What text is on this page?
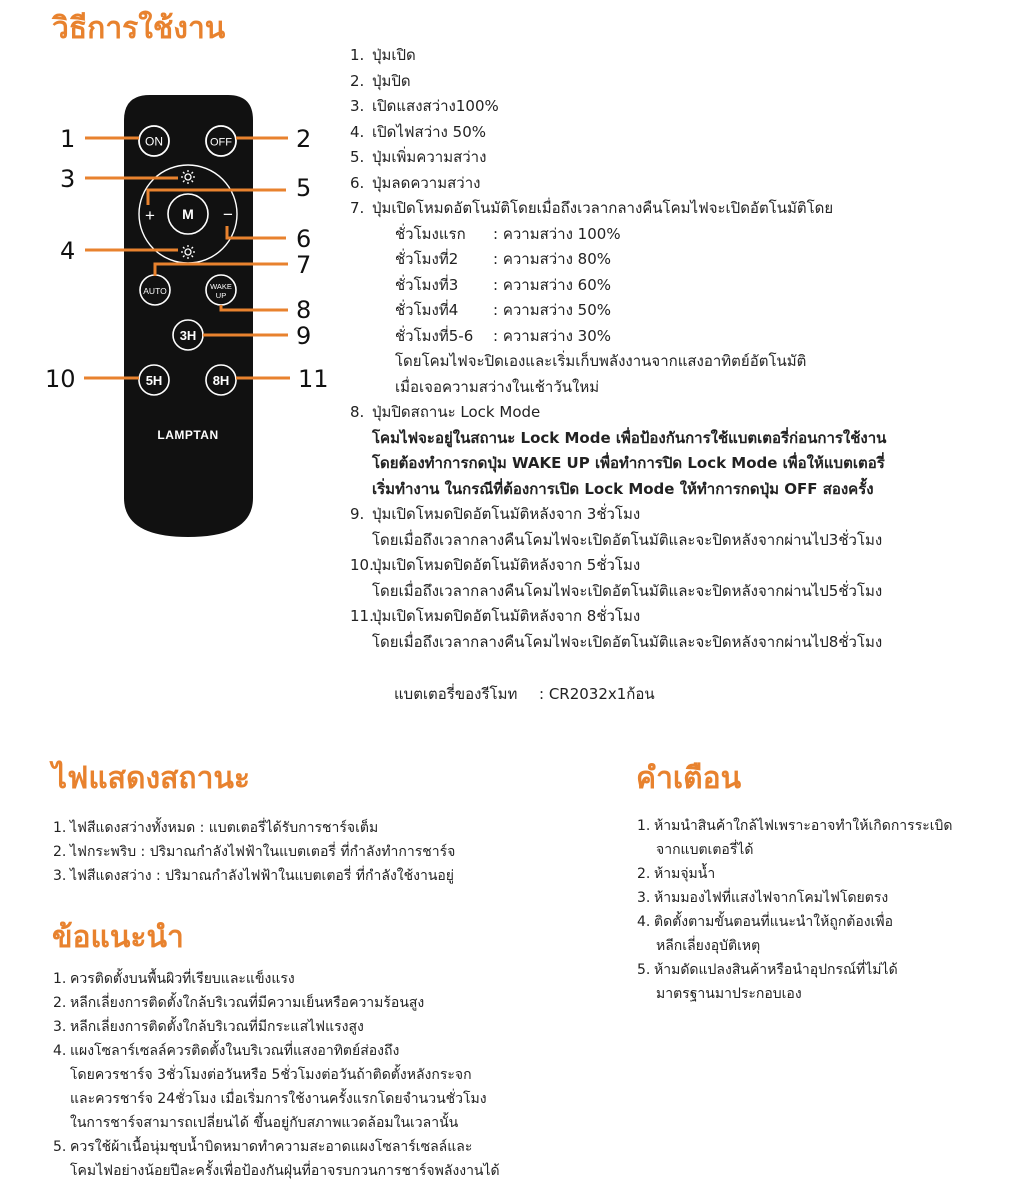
วิธีการใช้งาน
ON	OFF
M
+	−
AUTO	WAKE
UP
3H
5H	8H
LAMPTAN
1	2
3	5
6
4	7
8
9
10	11
1. ปุ่มเปิด
2. ปุ่มปิด
3. เปิดแสงสว่าง100%
4. เปิดไฟสว่าง 50%
5. ปุ่มเพิ่มความสว่าง
6. ปุ่มลดความสว่าง
7. ปุ่มเปิดโหมดอัตโนมัติโดยเมื่อถึงเวลากลางคืนโคมไฟจะเปิดอัตโนมัติโดย
ชั่วโมงแรก : ความสว่าง 100%
ชั่วโมงที่2 : ความสว่าง 80%
ชั่วโมงที่3 : ความสว่าง 60%
ชั่วโมงที่4 : ความสว่าง 50%
ชั่วโมงที่5-6 : ความสว่าง 30%
โดยโคมไฟจะปิดเองและเริ่มเก็บพลังงานจากแสงอาทิตย์อัตโนมัติ
เมื่อเจอความสว่างในเช้าวันใหม่
8. ปุ่มปิดสถานะ Lock Mode
โคมไฟจะอยู่ในสถานะ Lock Mode เพื่อป้องกันการใช้แบตเตอรี่ก่อนการใช้งาน
โดยต้องทำการกดปุ่ม WAKE UP เพื่อทำการปิด Lock Mode เพื่อให้แบตเตอรี่
เริ่มทำงาน ในกรณีที่ต้องการเปิด Lock Mode ให้ทำการกดปุ่ม OFF สองครั้ง
9. ปุ่มเปิดโหมดปิดอัตโนมัติหลังจาก 3ชั่วโมง
โดยเมื่อถึงเวลากลางคืนโคมไฟจะเปิดอัตโนมัติและจะปิดหลังจากผ่านไป3ชั่วโมง
10.ปุ่มเปิดโหมดปิดอัตโนมัติหลังจาก 5ชั่วโมง
โดยเมื่อถึงเวลากลางคืนโคมไฟจะเปิดอัตโนมัติและจะปิดหลังจากผ่านไป5ชั่วโมง
11.ปุ่มเปิดโหมดปิดอัตโนมัติหลังจาก 8ชั่วโมง
โดยเมื่อถึงเวลากลางคืนโคมไฟจะเปิดอัตโนมัติและจะปิดหลังจากผ่านไป8ชั่วโมง
แบตเตอรี่ของรีโมท : CR2032x1ก้อน
ไฟแสดงสถานะ
1. ไฟสีแดงสว่างทั้งหมด : แบตเตอรี่ได้รับการชาร์จเต็ม
2. ไฟกระพริบ : ปริมาณกำลังไฟฟ้าในแบตเตอรี่ ที่กำลังทำการชาร์จ
3. ไฟสีแดงสว่าง : ปริมาณกำลังไฟฟ้าในแบตเตอรี่ ที่กำลังใช้งานอยู่
ข้อแนะนำ
1. ควรติดตั้งบนพื้นผิวที่เรียบและแข็งแรง
2. หลีกเลี่ยงการติดตั้งใกล้บริเวณที่มีความเย็นหรือความร้อนสูง
3. หลีกเลี่ยงการติดตั้งใกล้บริเวณที่มีกระแสไฟแรงสูง
4. แผงโซลาร์เซลล์ควรติดตั้งในบริเวณที่แสงอาทิตย์ส่องถึง
โดยควรชาร์จ 3ชั่วโมงต่อวันหรือ 5ชั่วโมงต่อวันถ้าติดตั้งหลังกระจก
และควรชาร์จ 24ชั่วโมง เมื่อเริ่มการใช้งานครั้งแรกโดยจำนวนชั่วโมง
ในการชาร์จสามารถเปลี่ยนได้ ขึ้นอยู่กับสภาพแวดล้อมในเวลานั้น
5. ควรใช้ผ้าเนื้อนุ่มชุบน้ำบิดหมาดทำความสะอาดแผงโซลาร์เซลล์และ
โคมไฟอย่างน้อยปีละครั้งเพื่อป้องกันฝุ่นที่อาจรบกวนการชาร์จพลังงานได้
คำเตือน
1. ห้ามนำสินค้าใกล้ไฟเพราะอาจทำให้เกิดการระเบิด
จากแบตเตอรี่ได้
2. ห้ามจุ่มน้ำ
3. ห้ามมองไฟที่แสงไฟจากโคมไฟโดยตรง
4. ติดตั้งตามขั้นตอนที่แนะนำให้ถูกต้องเพื่อ
หลีกเลี่ยงอุบัติเหตุ
5. ห้ามดัดแปลงสินค้าหรือนำอุปกรณ์ที่ไม่ได้
มาตรฐานมาประกอบเอง
